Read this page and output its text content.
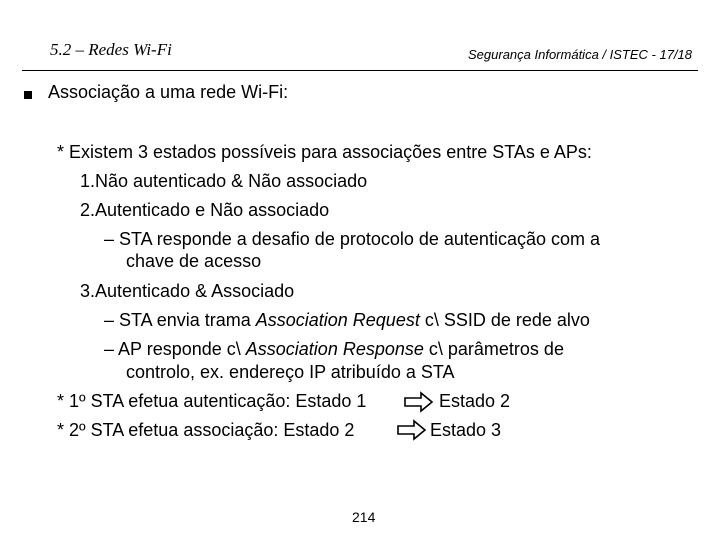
5.2 – Redes Wi-Fi	Segurança Informática / ISTEC - 17/18
Associação a uma rede Wi-Fi:
* Existem 3 estados possíveis para associações entre STAs e APs:
1.Não autenticado & Não associado
2.Autenticado e Não associado
– STA responde a desafio de protocolo de autenticação com a
chave de acesso
3.Autenticado & Associado
– STA envia trama Association Request c\ SSID de rede alvo
– AP responde c\ Association Response c\ parâmetros de
controlo, ex. endereço IP atribuído a STA
* 1º STA efetua autenticação: Estado 1	Estado 2
* 2º STA efetua associação: Estado 2	Estado 3
214
